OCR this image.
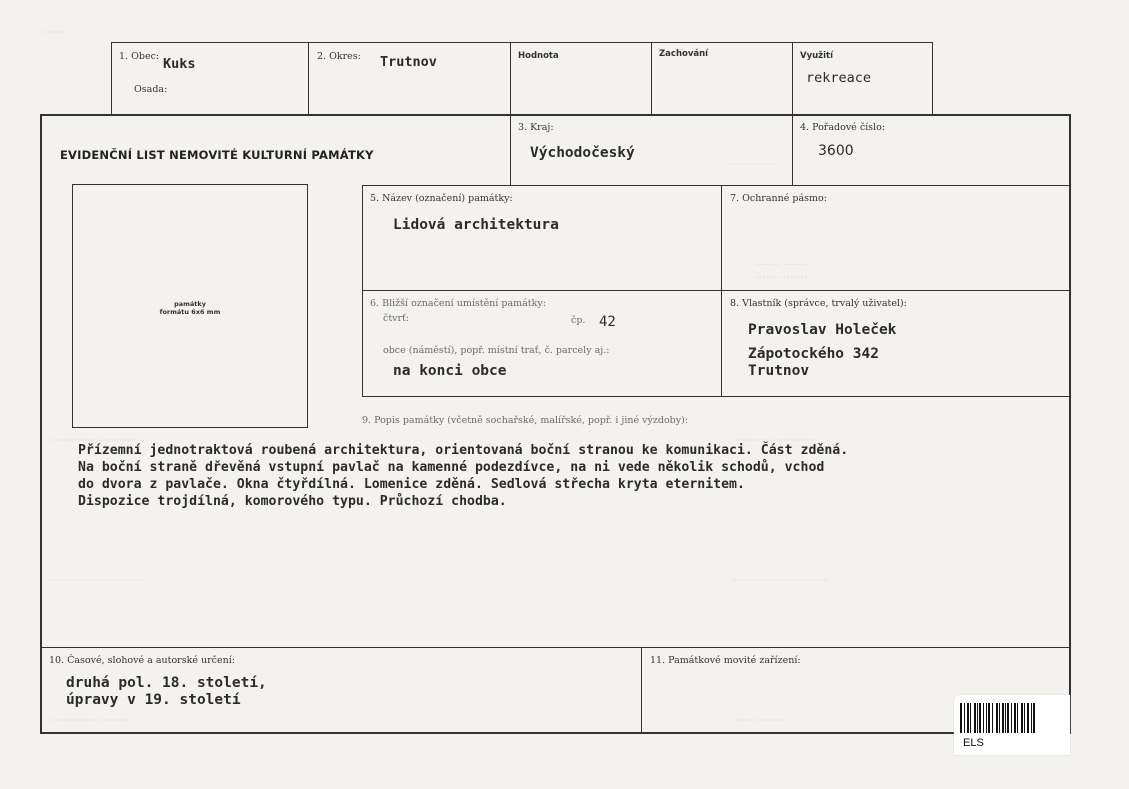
·········
···················
······· ·······
······· ·······
···································	·································
·······································	······································
·································	····················
1. Obec: Kuks
Osada:
2. Okres: Trutnov	Hodnota	Zachování	Využití
rekreace
EVIDENČNÍ LIST NEMOVITÉ KULTURNÍ PAMÁTKY
3. Kraj:
Východočeský
4. Pořadové číslo:
3600
památky
formátu 6x6 mm
5. Název (označení) památky:
Lidová architektura
7. Ochranné pásmo:
6. Bližší označení umístění památky:
čtvrť:	čp. 42
obce (náměstí), popř. místní trať, č. parcely aj.:
na konci obce
8. Vlastník (správce, trvalý uživatel):
Pravoslav Holeček
Zápotockého 342
Trutnov
9. Popis památky (včetně sochařské, malířské, popř. i jiné výzdoby):
Přízemní jednotraktová roubená architektura, orientovaná boční stranou ke komunikaci. Část zděná.
Na boční straně dřevěná vstupní pavlač na kamenné podezdívce, na ni vede několik schodů, vchod
do dvora z pavlače. Okna čtyřdílná. Lomenice zděná. Sedlová střecha kryta eternitem.
Dispozice trojdílná, komorového typu. Průchozí chodba.
10. Časové, slohové a autorské určení:
druhá pol. 18. století,
úpravy v 19. století
11. Památkové movité zařízení:
ELS
